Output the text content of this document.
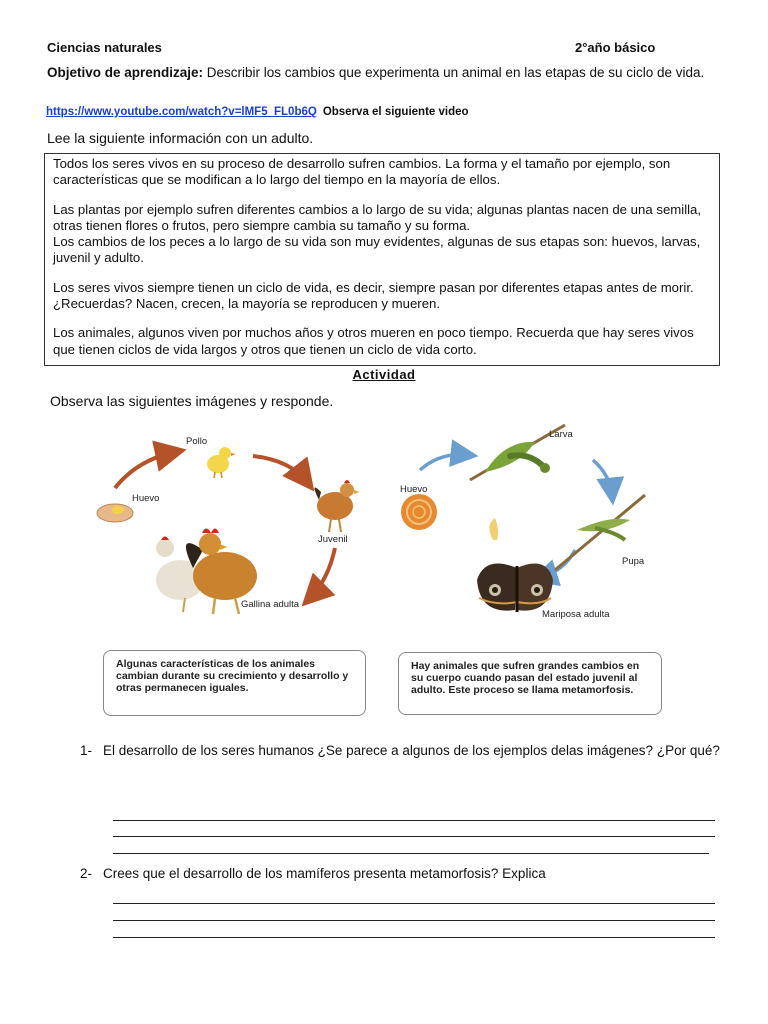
Ciencias naturales	2°año básico
Objetivo de aprendizaje: Describir los cambios que experimenta un animal en las etapas de su ciclo de vida.
https://www.youtube.com/watch?v=lMF5_FL0b6Q Observa el siguiente video
Lee la siguiente información con un adulto.

Todos los seres vivos en su proceso de desarrollo sufren cambios. La forma y el tamaño por ejemplo, son características que se modifican a lo largo del tiempo en la mayoría de ellos.

Las plantas por ejemplo sufren diferentes cambios a lo largo de su vida; algunas plantas nacen de una semilla, otras tienen flores o frutos, pero siempre cambia su tamaño y su forma.

Los cambios de los peces a lo largo de su vida son muy evidentes, algunas de sus etapas son: huevos, larvas, juvenil y adulto.

Los seres vivos siempre tienen un ciclo de vida, es decir, siempre pasan por diferentes etapas antes de morir. ¿Recuerdas? Nacen, crecen, la mayoría se reproducen y mueren.

Los animales, algunos viven por muchos años y otros mueren en poco tiempo. Recuerda que hay seres vivos que tienen ciclos de vida largos y otros que tienen un ciclo de vida corto.

Actividad
Observa las siguientes imágenes y responde.
Pollo
Huevo
Juvenil
Gallina adulta
Huevo
Larva
Pupa
Mariposa adulta
Algunas características de los animales cambian durante su crecimiento y desarrollo y otras permanecen iguales.
Hay animales que sufren grandes cambios en su cuerpo cuando pasan del estado juvenil al adulto. Este proceso se llama metamorfosis.
1- El desarrollo de los seres humanos ¿Se parece a algunos de los ejemplos delas imágenes? ¿Por qué?
2- Crees que el desarrollo de los mamíferos presenta metamorfosis? Explica
